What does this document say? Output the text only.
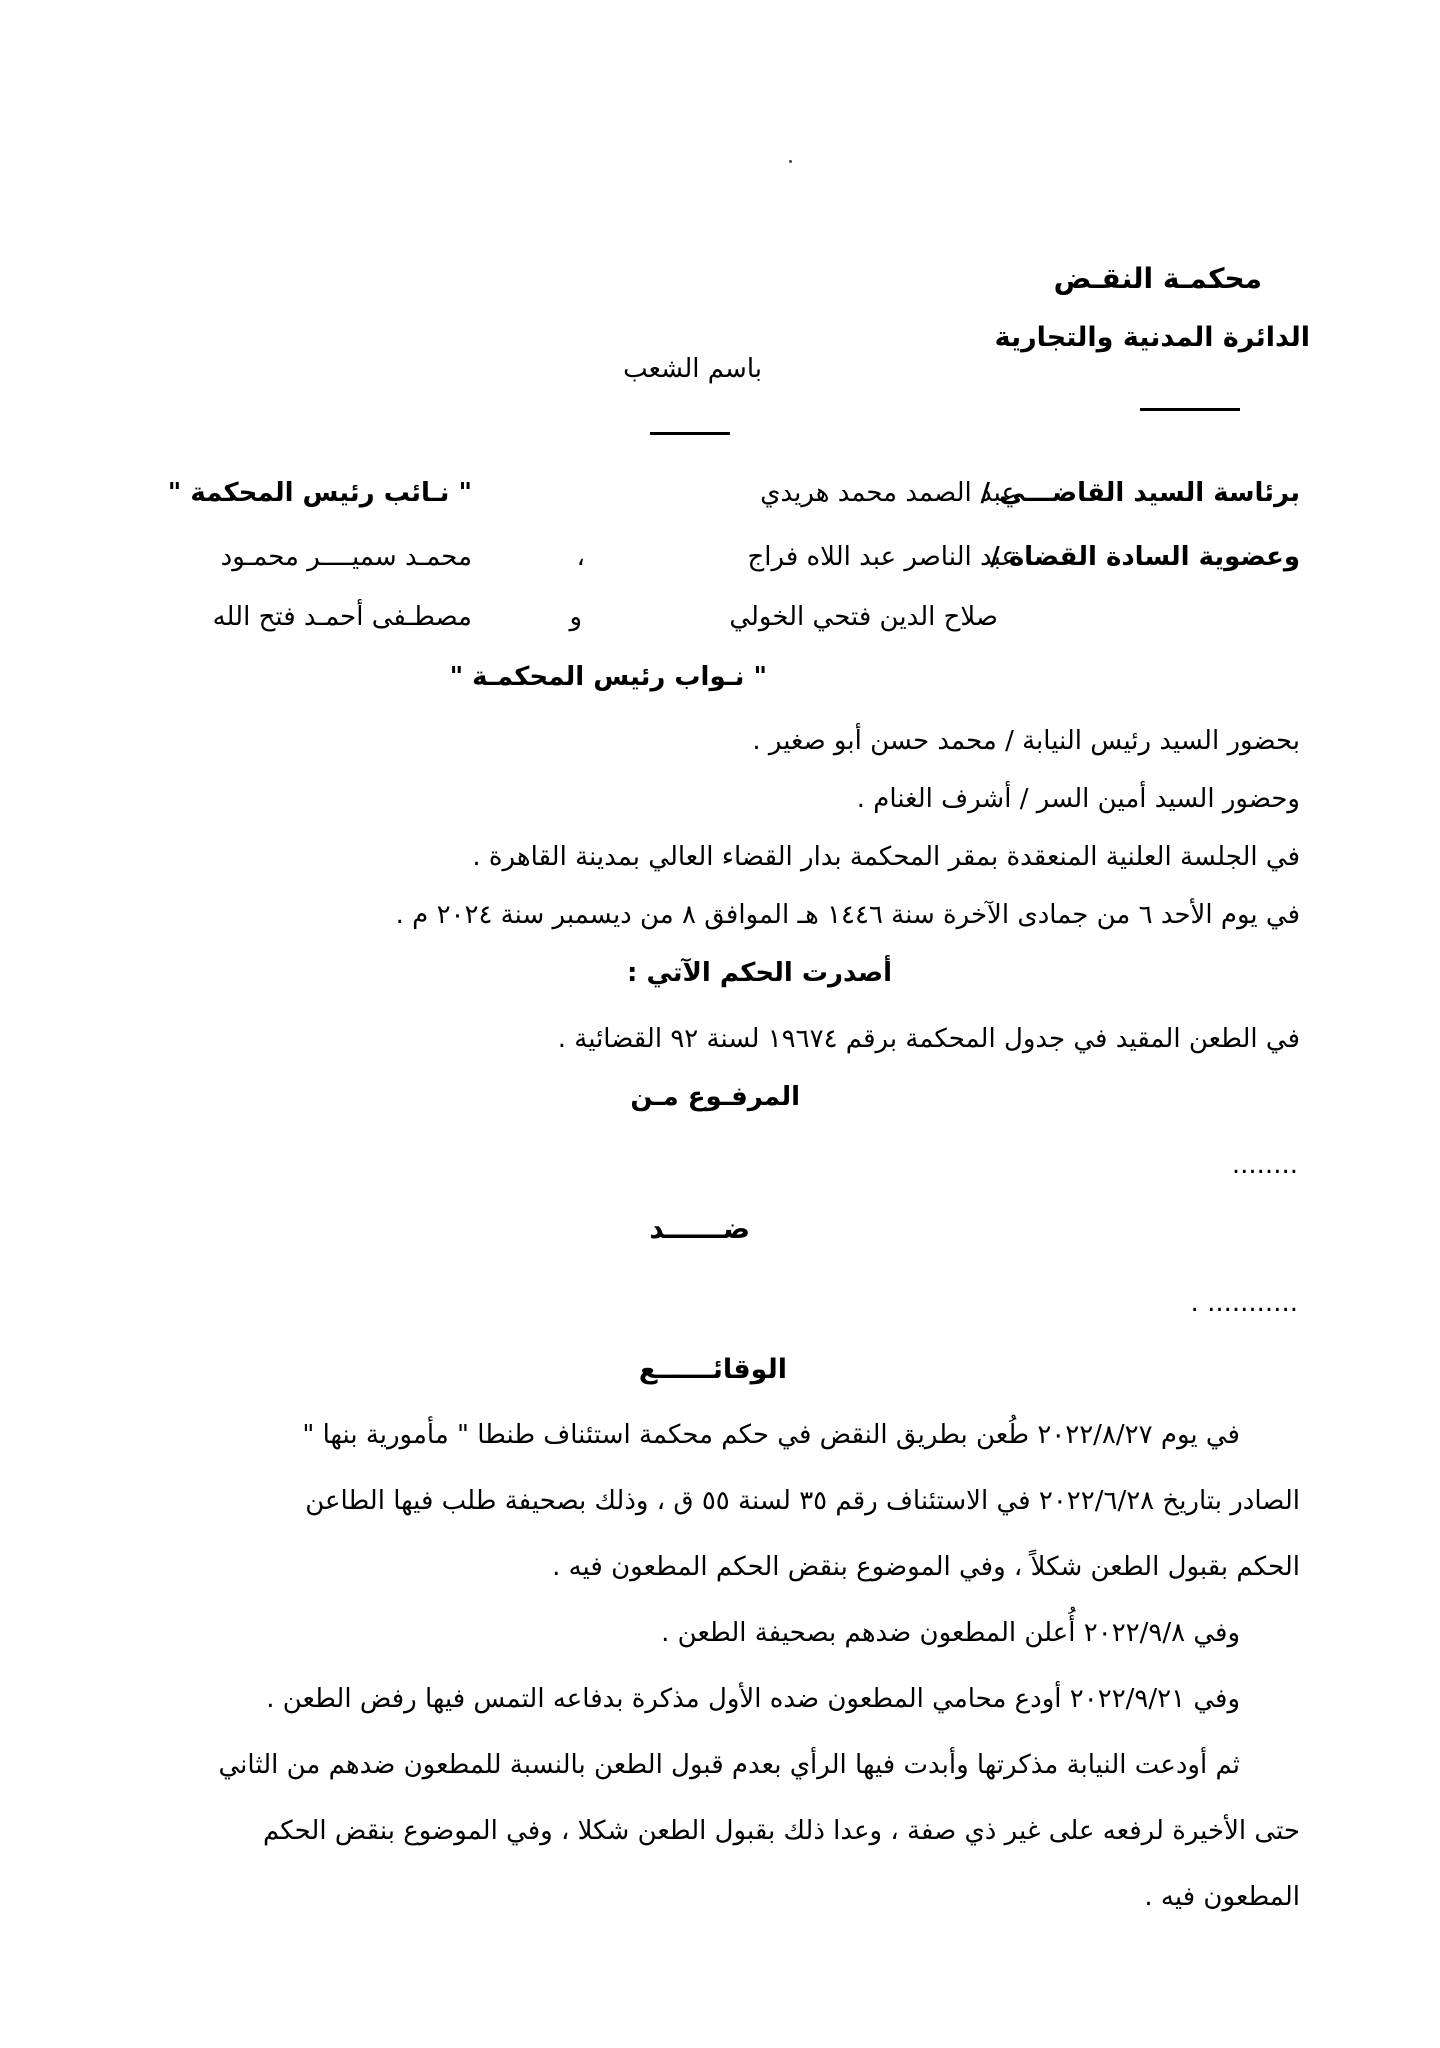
محكمـة النقـض
الدائرة المدنية والتجارية
باسم الشعب
برئاسة السيد القاضـــي /
عبد الصمد محمد هريدي
" نـائب رئيس المحكمة "
وعضوية السادة القضاة /
عبد الناصر عبد اللاه فراج
،
محمـد سميــــر محمـود
صلاح الدين فتحي الخولي
و
مصطـفى أحمـد فتح الله
" نـواب رئيس المحكمـة "
بحضور السيد رئيس النيابة / محمد حسن أبو صغير .
وحضور السيد أمين السر / أشرف الغنام .
في الجلسة العلنية المنعقدة بمقر المحكمة بدار القضاء العالي بمدينة القاهرة .
في يوم الأحد ٦ من جمادى الآخرة سنة ١٤٤٦ هـ الموافق ٨ من ديسمبر سنة ٢٠٢٤ م .
أصدرت الحكم الآتي :
في الطعن المقيد في جدول المحكمة برقم ١٩٦٧٤ لسنة ٩٢ القضائية .
المرفـوع مـن
........
ضــــــد
........... .
الوقائــــــع
في يوم ٢٠٢٢/٨/٢٧ طُعن بطريق النقض في حكم محكمة استئناف طنطا " مأمورية بنها "
الصادر بتاريخ ٢٠٢٢/٦/٢٨ في الاستئناف رقم ٣٥ لسنة ٥٥ ق ، وذلك بصحيفة طلب فيها الطاعن
الحكم بقبول الطعن شكلاً ، وفي الموضوع بنقض الحكم المطعون فيه .
وفي ٢٠٢٢/٩/٨ أُعلن المطعون ضدهم بصحيفة الطعن .
وفي ٢٠٢٢/٩/٢١ أودع محامي المطعون ضده الأول مذكرة بدفاعه التمس فيها رفض الطعن .
ثم أودعت النيابة مذكرتها وأبدت فيها الرأي بعدم قبول الطعن بالنسبة للمطعون ضدهم من الثاني
حتى الأخيرة لرفعه على غير ذي صفة ، وعدا ذلك بقبول الطعن شكلا ، وفي الموضوع بنقض الحكم
المطعون فيه .
